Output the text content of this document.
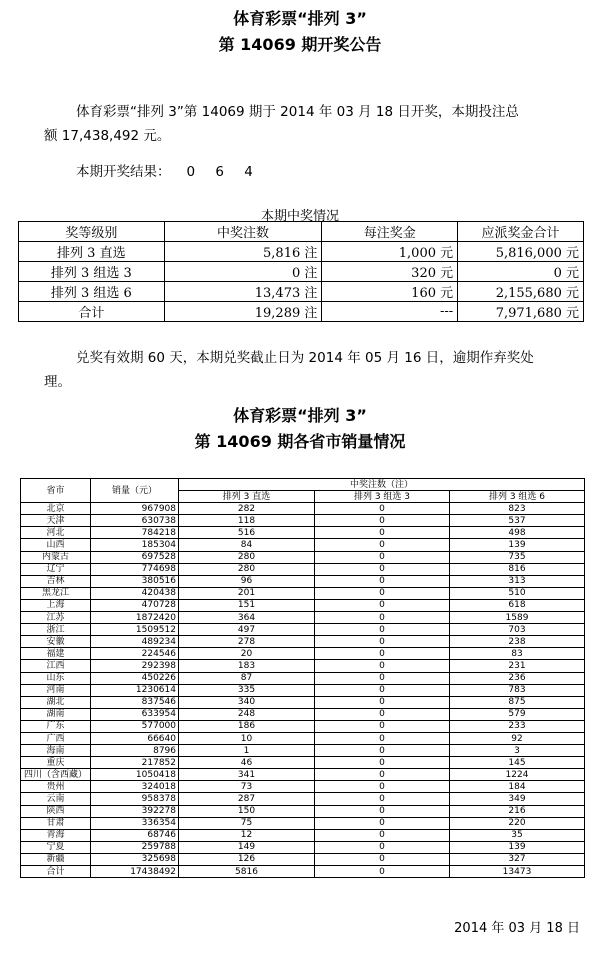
体育彩票“排列 3”
第 14069 期开奖公告
体育彩票“排列 3”第 14069 期于 2014 年 03 月 18 日开奖，本期投注总
额 17,438,492 元。
本期开奖结果： 0 6 4
本期中奖情况
奖等级别	中奖注数	每注奖金	应派奖金合计
排列 3 直选	5,816 注	1,000 元	5,816,000 元
排列 3 组选 3	0 注	320 元	0 元
排列 3 组选 6	13,473 注	160 元	2,155,680 元
合计	19,289 注	---	7,971,680 元
兑奖有效期 60 天，本期兑奖截止日为 2014 年 05 月 16 日，逾期作弃奖处
理。
体育彩票“排列 3”
第 14069 期各省市销量情况
省市	销量（元）	中奖注数（注）		
		排列 3 直选	排列 3 组选 3	排列 3 组选 6
北京	967908	282	0	823
天津	630738	118	0	537
河北	784218	516	0	498
山西	185304	84	0	139
内蒙古	697528	280	0	735
辽宁	774698	280	0	816
吉林	380516	96	0	313
黑龙江	420438	201	0	510
上海	470728	151	0	618
江苏	1872420	364	0	1589
浙江	1509512	497	0	703
安徽	489234	278	0	238
福建	224546	20	0	83
江西	292398	183	0	231
山东	450226	87	0	236
河南	1230614	335	0	783
湖北	837546	340	0	875
湖南	633954	248	0	579
广东	577000	186	0	233
广西	66640	10	0	92
海南	8796	1	0	3
重庆	217852	46	0	145
四川（含西藏）	1050418	341	0	1224
贵州	324018	73	0	184
云南	958378	287	0	349
陕西	392278	150	0	216
甘肃	336354	75	0	220
青海	68746	12	0	35
宁夏	259788	149	0	139
新疆	325698	126	0	327
合计	17438492	5816	0	13473
2014 年 03 月 18 日
